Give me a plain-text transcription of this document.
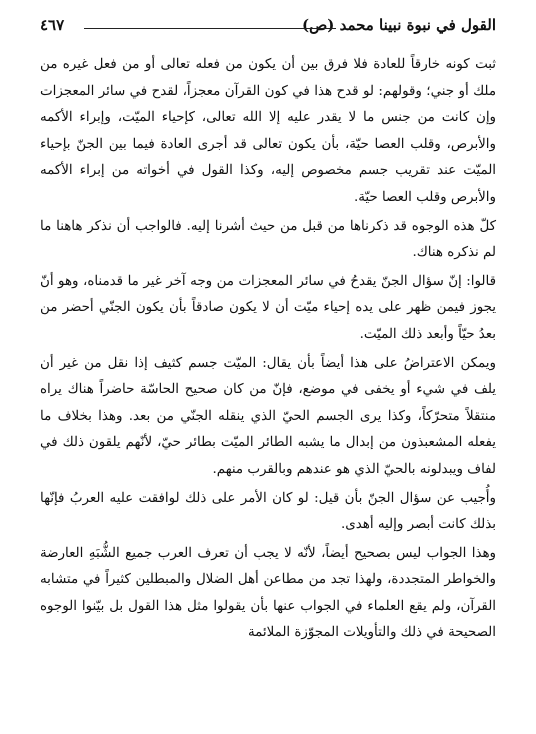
القول في نبوة نبينا محمد (ص)
٤٦٧

ثبت كونه خارقاً للعادة فلا فرق بين أن يكون من فعله تعالى أو من فعل غيره من ملك أو جني؛ وقولهم: لو قدح هذا في كون القرآن معجزاً، لقدح في سائر المعجزات وإن كانت من جنس ما لا يقدر عليه إلا الله تعالى، كإحياء الميّت، وإبراء الأكمه والأبرص، وقلب العصا حيّة، بأن يكون تعالى قد أجرى العادة فيما بين الجنّ بإحياء الميّت عند تقريب جسم مخصوص إليه، وكذا القول في أخواته من إبراء الأكمه والأبرص وقلب العصا حيّة.

كلّ هذه الوجوه قد ذكرناها من قبل من حيث أشرنا إليه. فالواجب أن نذكر هاهنا ما لم نذكره هناك.

قالوا: إنّ سؤال الجنّ يقدحُ في سائر المعجزات من وجه آخر غير ما قدمناه، وهو أنّ يجوز فيمن ظهر على يده إحياء ميّت أن لا يكون صادقاً بأن يكون الجنّي أحضر من بعدُ حيّاً وأبعد ذلك الميّت.

ويمكن الاعتراضُ على هذا أيضاً بأن يقال: الميّت جسم كثيف إذا نقل من غير أن يلف في شيء أو يخفى في موضع، فإنّ من كان صحيح الحاسّة حاضراً هناك يراه منتقلاً متحرّكاً، وكذا يرى الجسم الحيّ الذي ينقله الجنّي من بعد. وهذا بخلاف ما يفعله المشعبذون من إبدال ما يشبه الطائر الميّت بطائر حيّ، لأنّهم يلقون ذلك في لفاف ويبدلونه بالحيّ الذي هو عندهم وبالقرب منهم.

وأُجيب عن سؤال الجنّ بأن قيل: لو كان الأمر على ذلك لوافقت عليه العربُ فإنّها بذلك كانت أبصر وإليه أهدى.

وهذا الجواب ليس بصحيح أيضاً، لأنّه لا يجب أن تعرف العرب جميع الشُّبَهِ العارضة والخواطر المتجددة، ولهذا تجد من مطاعن أهل الضلال والمبطلين كثيراً في متشابه القرآن، ولم يقع العلماء في الجواب عنها بأن يقولوا مثل هذا القول بل بيّنوا الوجوه الصحيحة في ذلك والتأويلات المجوّزة الملائمة
